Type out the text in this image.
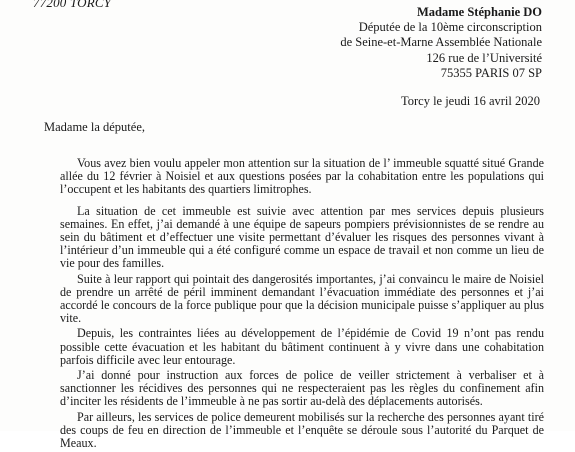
77200 TORCY
Madame Stéphanie DO
Députée de la 10ème circonscription
de Seine-et-Marne Assemblée Nationale
126 rue de l’Université
75355 PARIS 07 SP
Torcy le jeudi 16 avril 2020
Madame la députée,

Vous avez bien voulu appeler mon attention sur la situation de l’ immeuble squatté situé Grande allée du 12 février à Noisiel et aux questions posées par la cohabitation entre les populations qui l’occupent et les habitants des quartiers limitrophes.

La situation de cet immeuble est suivie avec attention par mes services depuis plusieurs semaines. En effet, j’ai demandé à une équipe de sapeurs pompiers prévisionnistes de se rendre au sein du bâtiment et d’effectuer une visite permettant d’évaluer les risques des personnes vivant à l’intérieur d’un immeuble qui a été configuré comme un espace de travail et non comme un lieu de vie pour des familles.

Suite à leur rapport qui pointait des dangerosités importantes, j’ai convaincu le maire de Noisiel de prendre un arrêté de péril imminent demandant l’évacuation immédiate des personnes et j’ai accordé le concours de la force publique pour que la décision municipale puisse s’appliquer au plus vite.

Depuis, les contraintes liées au développement de l’épidémie de Covid 19 n’ont pas rendu possible cette évacuation et les habitant du bâtiment continuent à y vivre dans une cohabitation parfois difficile avec leur entourage.

J’ai donné pour instruction aux forces de police de veiller strictement à verbaliser et à sanctionner les récidives des personnes qui ne respecteraient pas les règles du confinement afin d’inciter les résidents de l’immeuble à ne pas sortir au-delà des déplacements autorisés.

Par ailleurs, les services de police demeurent mobilisés sur la recherche des personnes ayant tiré des coups de feu en direction de l’immeuble et l’enquête se déroule sous l’autorité du Parquet de Meaux.
